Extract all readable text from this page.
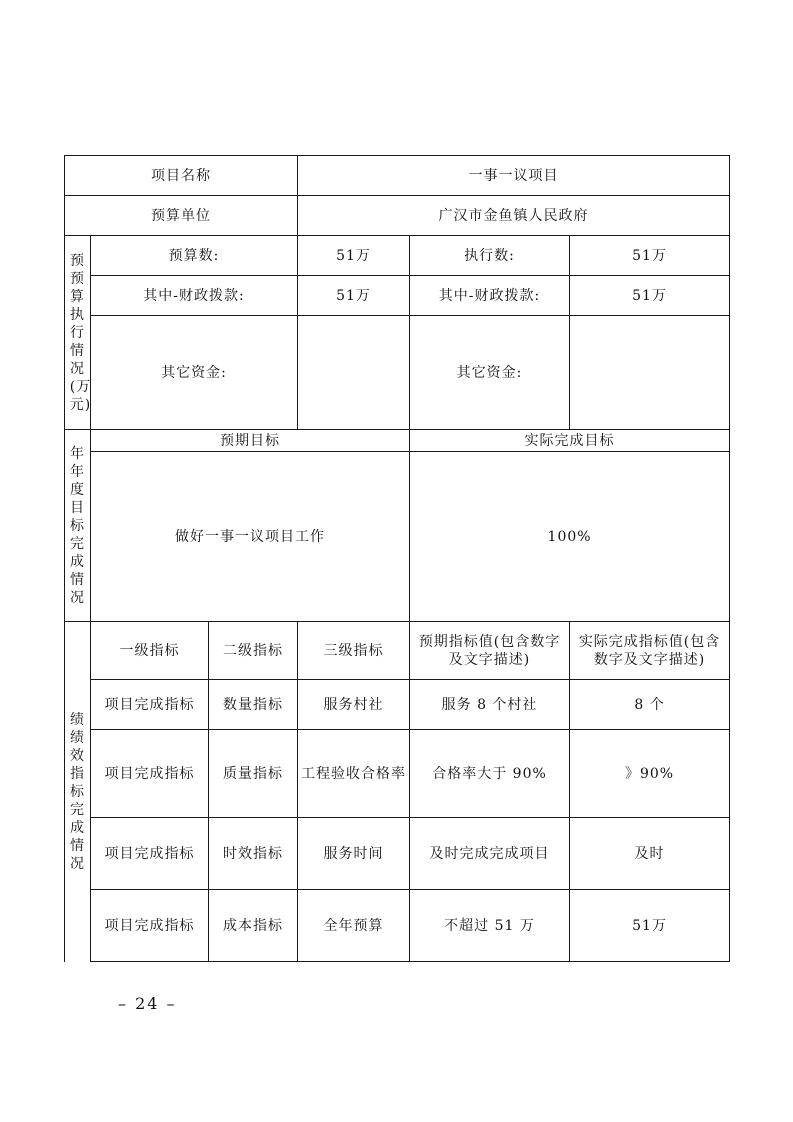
项目名称			一事一议项目		
预算单位			广汉市金鱼镇人民政府		

预预算执行情况(万元)	预算数:		51万	执行数:	51万
	其中-财政拨款:		51万	其中-财政拨款:	51万
	其它资金:			其它资金:	

年年度目标完成情况	预期目标			实际完成目标	
	做好一事一议项目工作			100%	

绩绩效指标完成情况	一级指标	二级指标	三级指标	预期指标值(包含数字及文字描述)	实际完成指标值(包含数字及文字描述)
	项目完成指标	数量指标	服务村社	服务 8 个村社	8 个
	项目完成指标	质量指标	工程验收合格率	合格率大于 90%	》90%
	项目完成指标	时效指标	服务时间	及时完成完成项目	及时
	项目完成指标	成本指标	全年预算	不超过 51 万	51万
– 24 –
